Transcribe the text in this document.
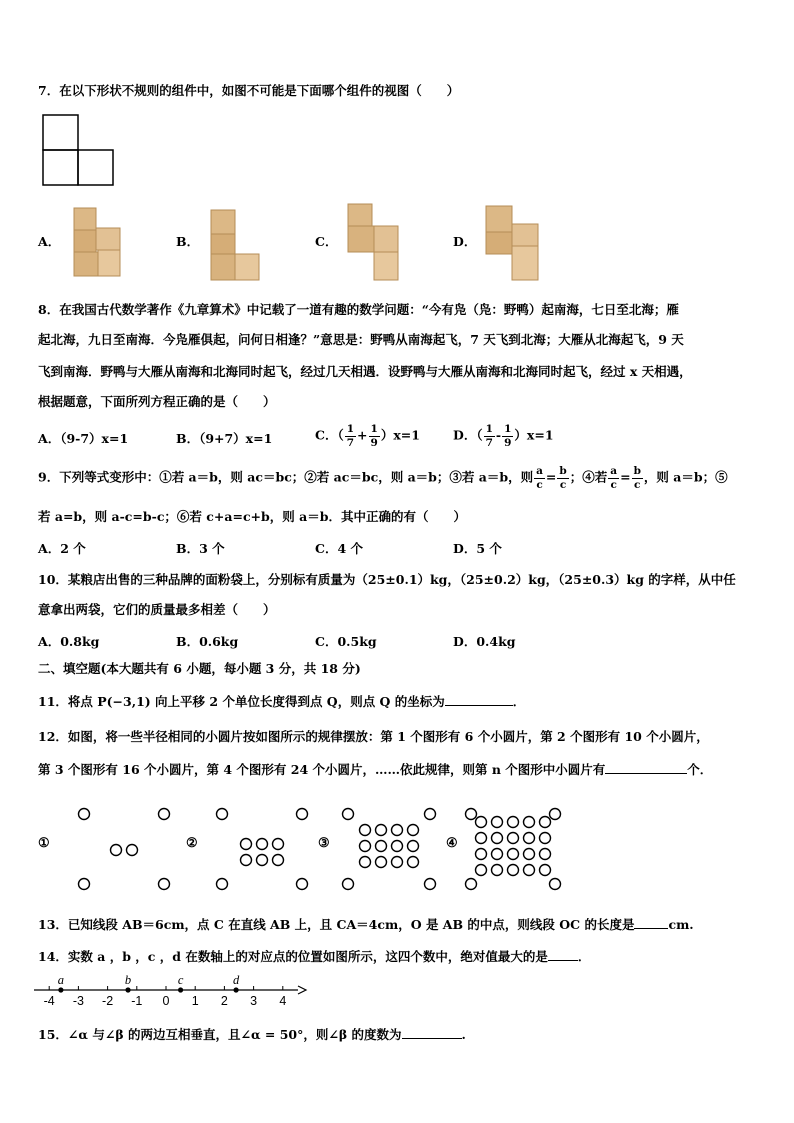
7．在以下形状不规则的组件中，如图不可能是下面哪个组件的视图（　　）
A．	B．	C．	D．
8．在我国古代数学著作《九章算术》中记载了一道有趣的数学问题：“今有凫（凫：野鸭）起南海，七日至北海；雁
起北海，九日至南海．今凫雁俱起，问何日相逢？”意思是：野鸭从南海起飞，7 天飞到北海；大雁从北海起飞，9 天
飞到南海．野鸭与大雁从南海和北海同时起飞，经过几天相遇．设野鸭与大雁从南海和北海同时起飞，经过 x 天相遇，
根据题意，下面所列方程正确的是（　　）
A．（9-7）x=1	B．（9+7）x=1	C．（ $\frac{1}{7} + \frac{1}{9} )x=1$	D．（ $\frac{1}{7} - \frac{1}{9} )x=1$
9．下列等式变形中：①若 a＝b，则 ac＝bc；②若 ac＝bc，则 a＝b；③若 a＝b，则 $\frac{a}{c} = \frac{b}{c}$ ；④若 $\frac{a}{c} = \frac{b}{c}$ ，则 a＝b；⑤
若 a=b，则 a-c=b-c；⑥若 c+a=c+b，则 a＝b．其中正确的有（　　）
A．2 个	B．3 个	C．4 个	D．5 个
10．某粮店出售的三种品牌的面粉袋上，分别标有质量为（25±0.1）kg，（25±0.2）kg，（25±0.3）kg 的字样，从中任
意拿出两袋，它们的质量最多相差（　　）
A．0.8kg	B．0.6kg	C．0.5kg	D．0.4kg
二、填空题(本大题共有 6 小题，每小题 3 分，共 18 分)
11．将点 P(−3,1) 向上平移 2 个单位长度得到点 Q，则点 Q 的坐标为	．
12．如图，将一些半径相同的小圆片按如图所示的规律摆放：第 1 个图形有 6 个小圆片，第 2 个图形有 10 个小圆片，
第 3 个图形有 16 个小圆片，第 4 个图形有 24 个小圆片，……依此规律，则第 n 个图形中小圆片有	个．
①	②	③	④
13．已知线段 AB＝6cm，点 C 在直线 AB 上，且 CA＝4cm，O 是 AB 的中点，则线段 OC 的长度是	cm.
14．实数 a ，b ，c ，d 在数轴上的对应点的位置如图所示，这四个数中，绝对值最大的是 ．
-4 -3 -2 -1 0 1 2 3 4
a	b	c	d
15．∠α 与∠β 的两边互相垂直，且∠α = 50°，则∠β 的度数为	.
